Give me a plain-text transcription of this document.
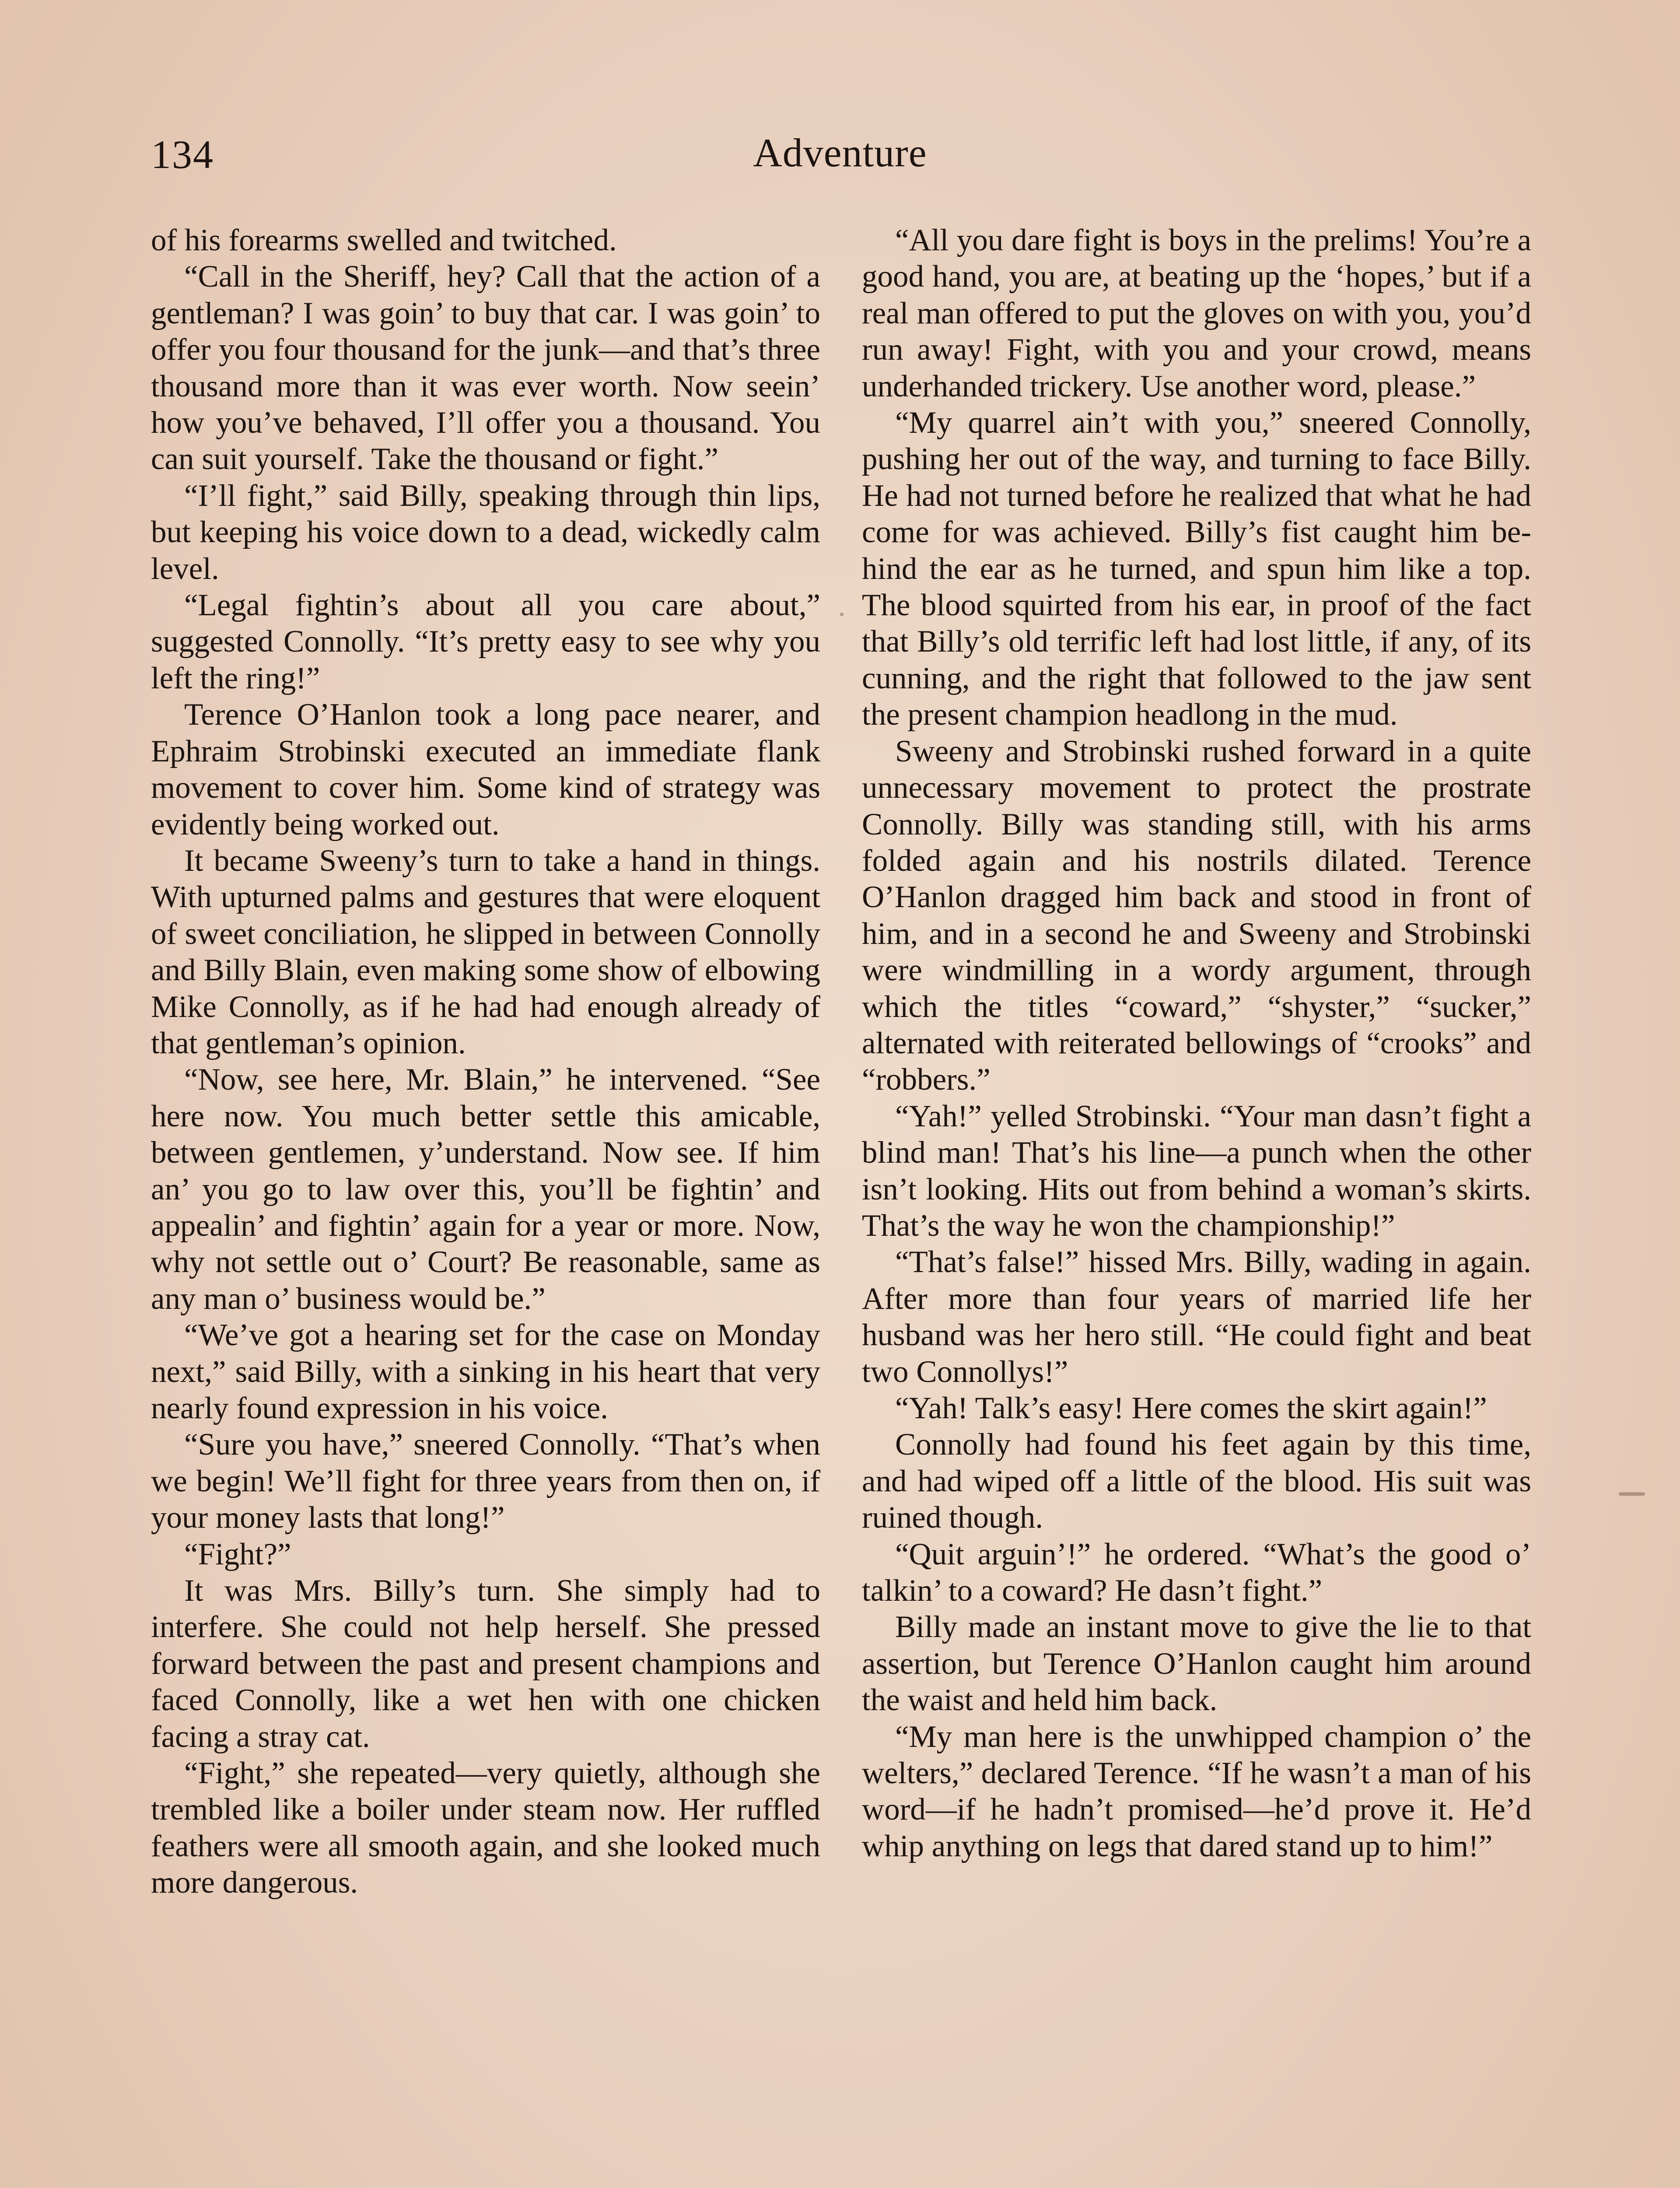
134	Adventure

of his forearms swelled and twitched.

“Call in the Sheriff, hey? Call that the action of a gentleman? I was goin’ to buy that car. I was goin’ to offer you four thousand for the junk—and that’s three thousand more than it was ever worth. Now seein’ how you’ve behaved, I’ll offer you a thousand. You can suit yourself. Take the thousand or fight.”

“I’ll fight,” said Billy, speaking through thin lips, but keeping his voice down to a dead, wickedly calm level.

“Legal fightin’s about all you care about,” suggested Connolly. “It’s pretty easy to see why you left the ring!”

Terence O’Hanlon took a long pace nearer, and Ephraim Strobinski executed an immediate flank movement to cover him. Some kind of strategy was evidently being worked out.

It became Sweeny’s turn to take a hand in things. With upturned palms and gestures that were eloquent of sweet conciliation, he slipped in between Connolly and Billy Blain, even making some show of elbowing Mike Connolly, as if he had had enough already of that gentleman’s opinion.

“Now, see here, Mr. Blain,” he intervened. “See here now. You much better settle this amicable, between gentlemen, y’understand. Now see. If him an’ you go to law over this, you’ll be fightin’ and appealin’ and fightin’ again for a year or more. Now, why not settle out o’ Court? Be reasonable, same as any man o’ business would be.”

“We’ve got a hearing set for the case on Monday next,” said Billy, with a sinking in his heart that very nearly found expression in his voice.

“Sure you have,” sneered Connolly. “That’s when we begin! We’ll fight for three years from then on, if your money lasts that long!”

“Fight?”

It was Mrs. Billy’s turn. She simply had to interfere. She could not help herself. She pressed forward between the past and present champions and faced Connolly, like a wet hen with one chicken facing a stray cat.

“Fight,” she repeated—very quietly, although she trembled like a boiler under steam now. Her ruffled feathers were all smooth again, and she looked much more dangerous.

“All you dare fight is boys in the prelims! You’re a good hand, you are, at beating up the ‘hopes,’ but if a real man offered to put the gloves on with you, you’d run away! Fight, with you and your crowd, means underhanded trickery. Use another word, please.”

“My quarrel ain’t with you,” sneered Connolly, pushing her out of the way, and turning to face Billy. He had not turned before he realized that what he had come for was achieved. Billy’s fist caught him behind the ear as he turned, and spun him like a top. The blood squirted from his ear, in proof of the fact that Billy’s old terrific left had lost little, if any, of its cunning, and the right that followed to the jaw sent the present champion headlong in the mud.

Sweeny and Strobinski rushed forward in a quite unnecessary movement to protect the prostrate Connolly. Billy was standing still, with his arms folded again and his nostrils dilated. Terence O’Hanlon dragged him back and stood in front of him, and in a second he and Sweeny and Strobinski were windmilling in a wordy argument, through which the titles “coward,” “shyster,” “sucker,” alternated with reiterated bellowings of “crooks” and “robbers.”

“Yah!” yelled Strobinski. “Your man dasn’t fight a blind man! That’s his line—a punch when the other isn’t looking. Hits out from behind a woman’s skirts. That’s the way he won the championship!”

“That’s false!” hissed Mrs. Billy, wading in again. After more than four years of married life her husband was her hero still. “He could fight and beat two Connollys!”

“Yah! Talk’s easy! Here comes the skirt again!”

Connolly had found his feet again by this time, and had wiped off a little of the blood. His suit was ruined though.

“Quit arguin’!” he ordered. “What’s the good o’ talkin’ to a coward? He dasn’t fight.”

Billy made an instant move to give the lie to that assertion, but Terence O’Hanlon caught him around the waist and held him back.

“My man here is the unwhipped champion o’ the welters,” declared Terence. “If he wasn’t a man of his word—if he hadn’t promised—he’d prove it. He’d whip anything on legs that dared stand up to him!”
